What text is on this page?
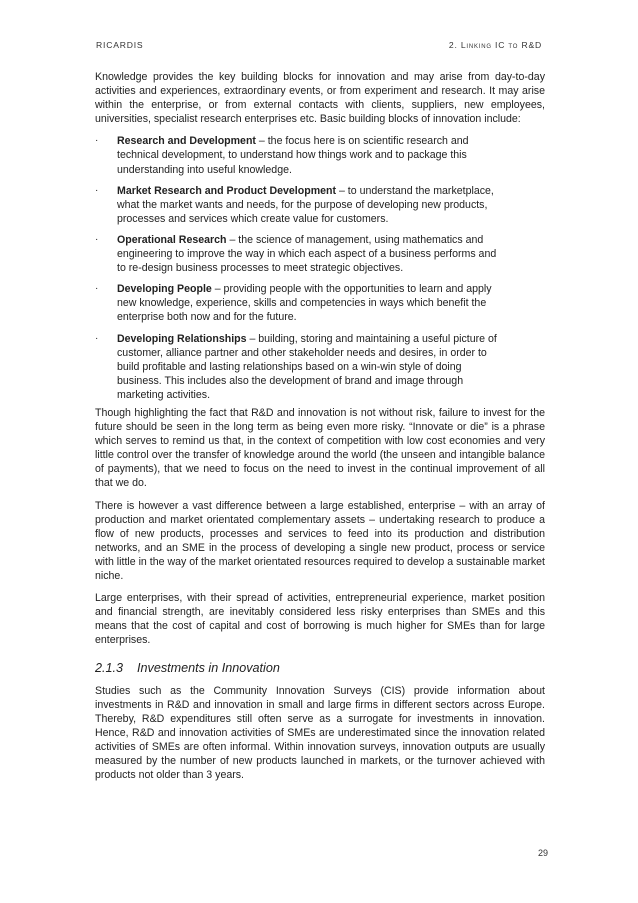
RICARDIS	2. Linking IC to R&D

Knowledge provides the key building blocks for innovation and may arise from day-to-day activities and experiences, extraordinary events, or from experiment and research. It may arise within the enterprise, or from external contacts with clients, suppliers, new employees, universities, specialist research enterprises etc. Basic building blocks of innovation include:

· Research and Development – the focus here is on scientific research and technical development, to understand how things work and to package this understanding into useful knowledge.
· Market Research and Product Development – to understand the marketplace, what the market wants and needs, for the purpose of developing new products, processes and services which create value for customers.
· Operational Research – the science of management, using mathematics and engineering to improve the way in which each aspect of a business performs and to re-design business processes to meet strategic objectives.
· Developing People – providing people with the opportunities to learn and apply new knowledge, experience, skills and competencies in ways which benefit the enterprise both now and for the future.
· Developing Relationships – building, storing and maintaining a useful picture of customer, alliance partner and other stakeholder needs and desires, in order to build profitable and lasting relationships based on a win-win style of doing business. This includes also the development of brand and image through marketing activities.

Though highlighting the fact that R&D and innovation is not without risk, failure to invest for the future should be seen in the long term as being even more risky. “Innovate or die” is a phrase which serves to remind us that, in the context of competition with low cost economies and very little control over the transfer of knowledge around the world (the unseen and intangible balance of payments), that we need to focus on the need to invest in the continual improvement of all that we do.

There is however a vast difference between a large established, enterprise – with an array of production and market orientated complementary assets – undertaking research to produce a flow of new products, processes and services to feed into its production and distribution networks, and an SME in the process of developing a single new product, process or service with little in the way of the market orientated resources required to develop a sustainable market niche.

Large enterprises, with their spread of activities, entrepreneurial experience, market position and financial strength, are inevitably considered less risky enterprises than SMEs and this means that the cost of capital and cost of borrowing is much higher for SMEs than for large enterprises.

2.1.3 Investments in Innovation

Studies such as the Community Innovation Surveys (CIS) provide information about investments in R&D and innovation in small and large firms in different sectors across Europe. Thereby, R&D expenditures still often serve as a surrogate for investments in innovation. Hence, R&D and innovation activities of SMEs are underestimated since the innovation related activities of SMEs are often informal. Within innovation surveys, innovation outputs are usually measured by the number of new products launched in markets, or the turnover achieved with products not older than 3 years.

29
